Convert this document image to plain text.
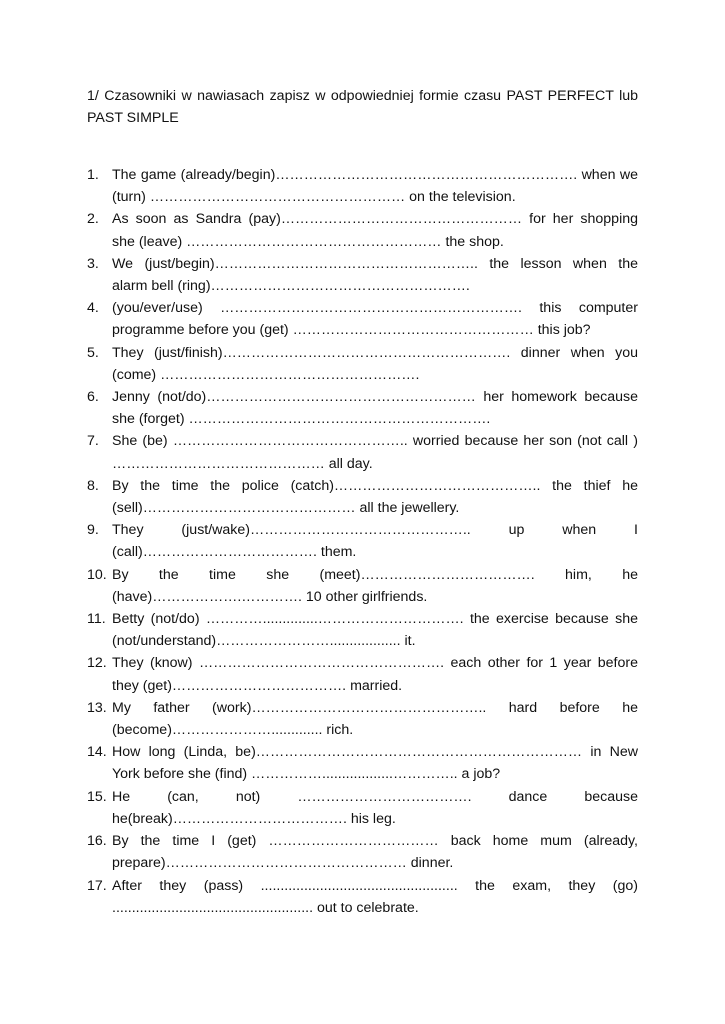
1/ Czasowniki w nawiasach zapisz w odpowiedniej formie czasu PAST PERFECT lub PAST SIMPLE

1. The game (already/begin)………………………………………………………. when we (turn) ……………………………………………… on the television.
2. As soon as Sandra (pay)…………………………………………… for her shopping she (leave) ……………………………………………… the shop.
3. We (just/begin)……………………………………………….. the lesson when the alarm bell (ring)……………………………………………….
4. (you/ever/use) ………………………………………………………. this computer programme before you (get) …………………………………………… this job?
5. They (just/finish)……………………………………………………. dinner when you (come) ……………………………………………….
6. Jenny (not/do)………………………………………………… her homework because she (forget) ……………………………………………………….
7. She (be) ………………………………………….. worried because her son (not call ) ……………………………………… all day.
8. By the time the police (catch)…………………………………….. the thief he (sell)……………………………………… all the jewellery.
9. They (just/wake)……………………………………….. up when I (call)………………………………. them.
10. By the time she (meet)………………………………. him, he (have)……………….…………. 10 other girlfriends.
11. Betty (not/do) …………..............…………………………. the exercise because she (not/understand)…………………….................. it.
12. They (know) ……………………………………………. each other for 1 year before they (get)………………………………. married.
13. My father (work)………………………………………….. hard before he (become)…………………............. rich.
14. How long (Linda, be)…………………………………………………………… in New York before she (find) ……………..................………….. a job?
15. He (can, not) ………………………………. dance because he(break)………………………………. his leg.
16. By the time I (get) ……………………………… back home mum (already, prepare)…………………………………………… dinner.
17. After they (pass) .................................................. the exam, they (go) ................................................... out to celebrate.
